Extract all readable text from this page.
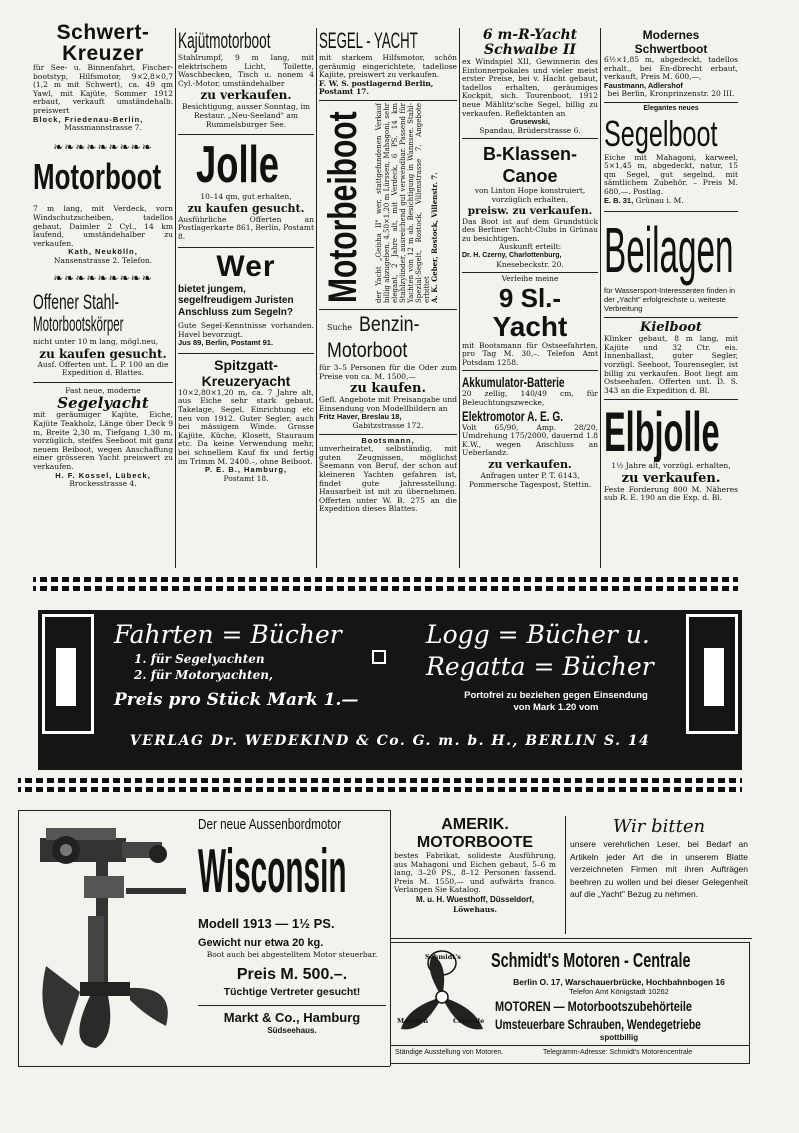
Schwert-
Kreuzer
für See- u. Binnenfahrt, Fischer-bootstyp, Hilfsmotor, 9×2,8×0,7 (1,2 m mit Schwert), ca. 49 qm Yawl, mit Kajüte, Sommer 1912 erbaut, verkauft umständehalb. preiswert
Block, Friedenau-Berlin,
Massmannstrasse 7.
❧❧❧❧❧❧❧❧❧
Motorboot
7 m lang, mit Verdeck, vorn Windschutzscheiben, tadellos gebaut, Daimler 2 Cyl., 14 km laufend, umständehalber zu verkaufen.
Kath, Neukölln,
Nansenstrasse 2. Telefon.
❧❧❧❧❧❧❧❧❧
Offener Stahl-
Motorbootskörper
nicht unter 10 m lang, mögl.neu,
zu kaufen gesucht.
Ausf. Offerten unt. L. P. 100 an die Expedition d. Blattes.
Fast neue, moderne
Segelyacht
mit geräumiger Kajüte, Eiche, Kajüte Teakholz, Länge über Deck 9 m, Breite 2,30 m, Tiefgang 1,30 m, vorzüglich, steifes Seeboot mit ganz neuem Beiboot, wegen Anschaffung einer grösseren Yacht preiswert zu verkaufen.
H. F. Kossel, Lübeck,
Brockesstrasse 4.
Kajütmotorboot
Stahlrumpf, 9 m lang, mit elektrischem Licht, Toilette, Waschbecken, Tisch u. nonem 4 Cyl.-Motor, umständehalber
zu verkaufen.
Besichtigung, ausser Sonntag, im Restaur. „Neu-Seeland" am Rummelsburger See.
Jolle
10–14 qm, gut erhalten,
zu kaufen gesucht.
Ausführliche Offerten an Postlagerkarte 861, Berlin, Postamt 8.
Wer
bietet jungem, segelfreudigem Juristen Anschluss zum Segeln?
Gute Segel-Kenntnisse vorhanden. Havel bevorzugt.
Jus 89, Berlin, Postamt 91.
Spitzgatt-
Kreuzeryacht
10×2,80×1,20 m, ca. 7 Jahre alt, aus Eiche sehr stark gebaut. Takelage, Segel, Einrichtung etc neu von 1912. Guter Segler, auch bei mässigem Winde. Grosse Kajüte, Küche, Klosett, Stauraum etc. Da keine Verwendung mehr, bei schnellem Kauf fix und fertig im Trimm M. 2400.–, ohne Beiboot.
P. E. B., Hamburg,
Postamt 18.
SEGEL - YACHT
mit starkem Hilfsmotor, schön geräumig eingerichtete, tadellose Kajüte, preiswert zu verkaufen.
F. W. S. postlagernd Berlin, Postamt 17.
Motorbeiboot der Yacht „Geisha II" wer, stattgefundenen Verkauf billig abzugeben. 4,50×1,20 m Lürssen, Mahagoni, sehr elegant, 2 Jahre alt, mit Verdeck, 6 PS, 14 km Stahlzylinder, ausreichend gut verwendbar. Passend für Yachten von 12 m ab. Besichtigung in Wannsee. Stahl-Spezial-Segelt, Rostock, Villenstrasse 7. Angebote erbittet A. K. Geber, Rostock, Villenstr. 7.
Suche Benzin-
Motorboot
für 3–5 Personen für die Oder zum Preise von ca. M. 1500,—
zu kaufen.
Gefl. Angebote mit Preisangabe und Einsendung von Modellbildern an
Fritz Haver, Breslau 18,
Gabitzstrasse 172.
Bootsmann,
unverheiratet, selbständig, mit guten Zeugnissen, möglichst Seemann von Beruf, der schon auf kleineren Yachten gefahren ist, findet gute Jahresstellung. Hausarbeit ist mit zu übernehmen. Offerten unter W. B. 275 an die Expedition dieses Blattes.
6 m-R-Yacht
Schwalbe II
ex Windspiel XII, Gewinnerin des Eintonnerpokales und vieler meist erster Preise, bei v. Hacht gebaut, tadellos erhalten, geräumiges Kockpit, sich. Tourenboot, 1912 neue Mählitz'sche Segel, billig zu verkaufen. Reflektanten an
Grusewski,
Spandau, Brüderstrasse 6.
B-Klassen-
Canoe
von Linton Hope konstruiert, vorzüglich erhalten,
preisw. zu verkaufen.
Das Boot ist auf dem Grundstück des Berliner Yacht-Clubs in Grünau zu besichtigen.
Auskunft erteilt:
Dr. H. Czerny, Charlottenburg,
Knesebeckstr. 20.
Verleihe meine
9 Sl.-
Yacht
mit Bootsmann für Ostseefahrten, pro Tag M. 30,–. Telefon Amt Potsdam 1258.
Akkumulator-Batterie
20 zellig, 140/49 cm, für Beleuchtungszwecke,
Elektromotor A. E. G.
Volt 65/90, Amp. 28/20, Umdrehung 175/2000, dauernd 1.8 K.W., wegen Anschluss an Ueberlandz.
zu verkaufen.
Anfragen unter P. T. 6143, Pommersche Tagespost, Stettin.
Modernes
Schwertboot
6½×1,85 m, abgedeckt, tadellos erhalt., bei En-dbrecht erbaut, verkauft, Preis M. 600,—,
Faustmann, Adlershof
bei Berlin, Kronprinzenstr. 20 III.
Elegantes neues
Segelboot
Eiche mit Mahagoni, karweel, 5×1,45 m, abgedeckt, natur, 15 qm Segel, gut segelnd, mit sämtlichem Zubehör. – Preis M. 680,—. Postlag.
E. B. 31, Grünau i. M.
Beilagen
für Wassersport-Interessenten finden in der „Yacht" erfolgreichste u. weiteste Verbreitung
Kielboot
Klinker gebaut, 8 m lang, mit Kajüte und 32 Ctr. eis. Innenballast, guter Segler, vorzügl. Seeboot, Tourensegler, ist billig zu verkaufen. Boot liegt am Ostseehafen. Offerten unt. D. S. 343 an die Expedition d. Bl.
Elbjolle
1½ Jahre alt, vorzügl. erhalten,
zu verkaufen.
Feste Forderung 800 M. Näheres sub R. E. 190 an die Exp. d. Bl.
Fahrten = Bücher
1. für Segelyachten
2. für Motoryachten,
Preis pro Stück Mark 1.—
Logg = Bücher u.
Regatta = Bücher
Portofrei zu beziehen gegen Einsendung
von Mark 1.20 vom
VERLAG Dr. WEDEKIND & Co. G. m. b. H., BERLIN S. 14
Der neue Aussenbordmotor
Wisconsin
Modell 1913 — 1½ PS.
Gewicht nur etwa 20 kg.
Boot auch bei abgestelltem Motor steuerbar.
Preis M. 500.–.
Tüchtige Vertreter gesucht!
Markt & Co., Hamburg
Südseehaus.
AMERIK.
MOTORBOOTE
bestes Fabrikat, solideste Ausführung, aus Mahagoni und Eichen gebaut, 5–6 m lang, 3–20 PS., 8–12 Personen fassend. Preis M. 1550,— und aufwärts franco. Verlangen Sie Katalog.
M. u. H. Wuesthoff, Düsseldorf,
Löwehaus.
Wir bitten
unsere verehrlichen Leser, bei Bedarf an Artikeln jeder Art die in unserem Blatte verzeichneten Firmen mit ihren Aufträgen beehren zu wollen und bei dieser Gelegenheit auf die „Yacht" Bezug zu nehmen.
Schmidt's
Motoren	Centrale
Schmidt's Motoren - Centrale
Berlin O. 17, Warschauerbrücke, Hochbahnbogen 16
Telefon Amt Königstadt 10262
MOTOREN — Motorbootszubehörteile
Umsteuerbare Schrauben, Wendegetriebe
spottbillig
Ständige Ausstellung von Motoren.	Telegramm-Adresse: Schmidt's Motorencentrale
